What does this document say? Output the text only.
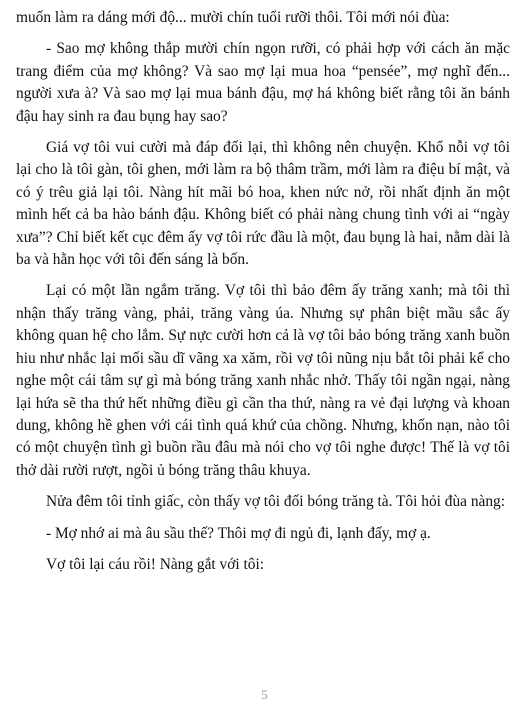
muốn làm ra dáng mới độ... mười chín tuổi rưỡi thôi. Tôi mới nói đùa:

- Sao mợ không thắp mười chín ngọn rưỡi, có phải hợp với cách ăn mặc trang điểm của mợ không? Và sao mợ lại mua hoa “pensée”, mợ nghĩ đến... người xưa à? Và sao mợ lại mua bánh đậu, mợ há không biết rằng tôi ăn bánh đậu hay sinh ra đau bụng hay sao?

Giá vợ tôi vui cười mà đáp đối lại, thì không nên chuyện. Khổ nỗi vợ tôi lại cho là tôi gàn, tôi ghen, mới làm ra bộ thâm trầm, mới làm ra điệu bí mật, và có ý trêu giả lại tôi. Nàng hít mãi bó hoa, khen nức nở, rồi nhất định ăn một mình hết cả ba hào bánh đậu. Không biết có phải nàng chung tình với ai “ngày xưa”? Chỉ biết kết cục đêm ấy vợ tôi rức đầu là một, đau bụng là hai, nằm dài là ba và hằn học với tôi đến sáng là bốn.

Lại có một lần ngắm trăng. Vợ tôi thì bảo đêm ấy trăng xanh; mà tôi thì nhận thấy trăng vàng, phải, trăng vàng úa. Nhưng sự phân biệt mầu sắc ấy không quan hệ cho lắm. Sự nực cười hơn cả là vợ tôi bảo bóng trăng xanh buồn hiu như nhắc lại mối sầu dĩ vãng xa xăm, rồi vợ tôi nũng nịu bắt tôi phải kể cho nghe một cái tâm sự gì mà bóng trăng xanh nhắc nhở. Thấy tôi ngần ngại, nàng lại hứa sẽ tha thứ hết những điều gì cần tha thứ, nàng ra vẻ đại lượng và khoan dung, không hề ghen với cái tình quá khứ của chồng. Nhưng, khốn nạn, nào tôi có một chuyện tình gì buồn rầu đâu mà nói cho vợ tôi nghe được! Thế là vợ tôi thở dài rười rượt, ngồi ủ bóng trăng thâu khuya.

Nửa đêm tôi tỉnh giấc, còn thấy vợ tôi đối bóng trăng tà. Tôi hỏi đùa nàng:

- Mợ nhớ ai mà âu sầu thế? Thôi mợ đi ngủ đi, lạnh đấy, mợ ạ.

Vợ tôi lại cáu rồi! Nàng gắt với tôi:

5
